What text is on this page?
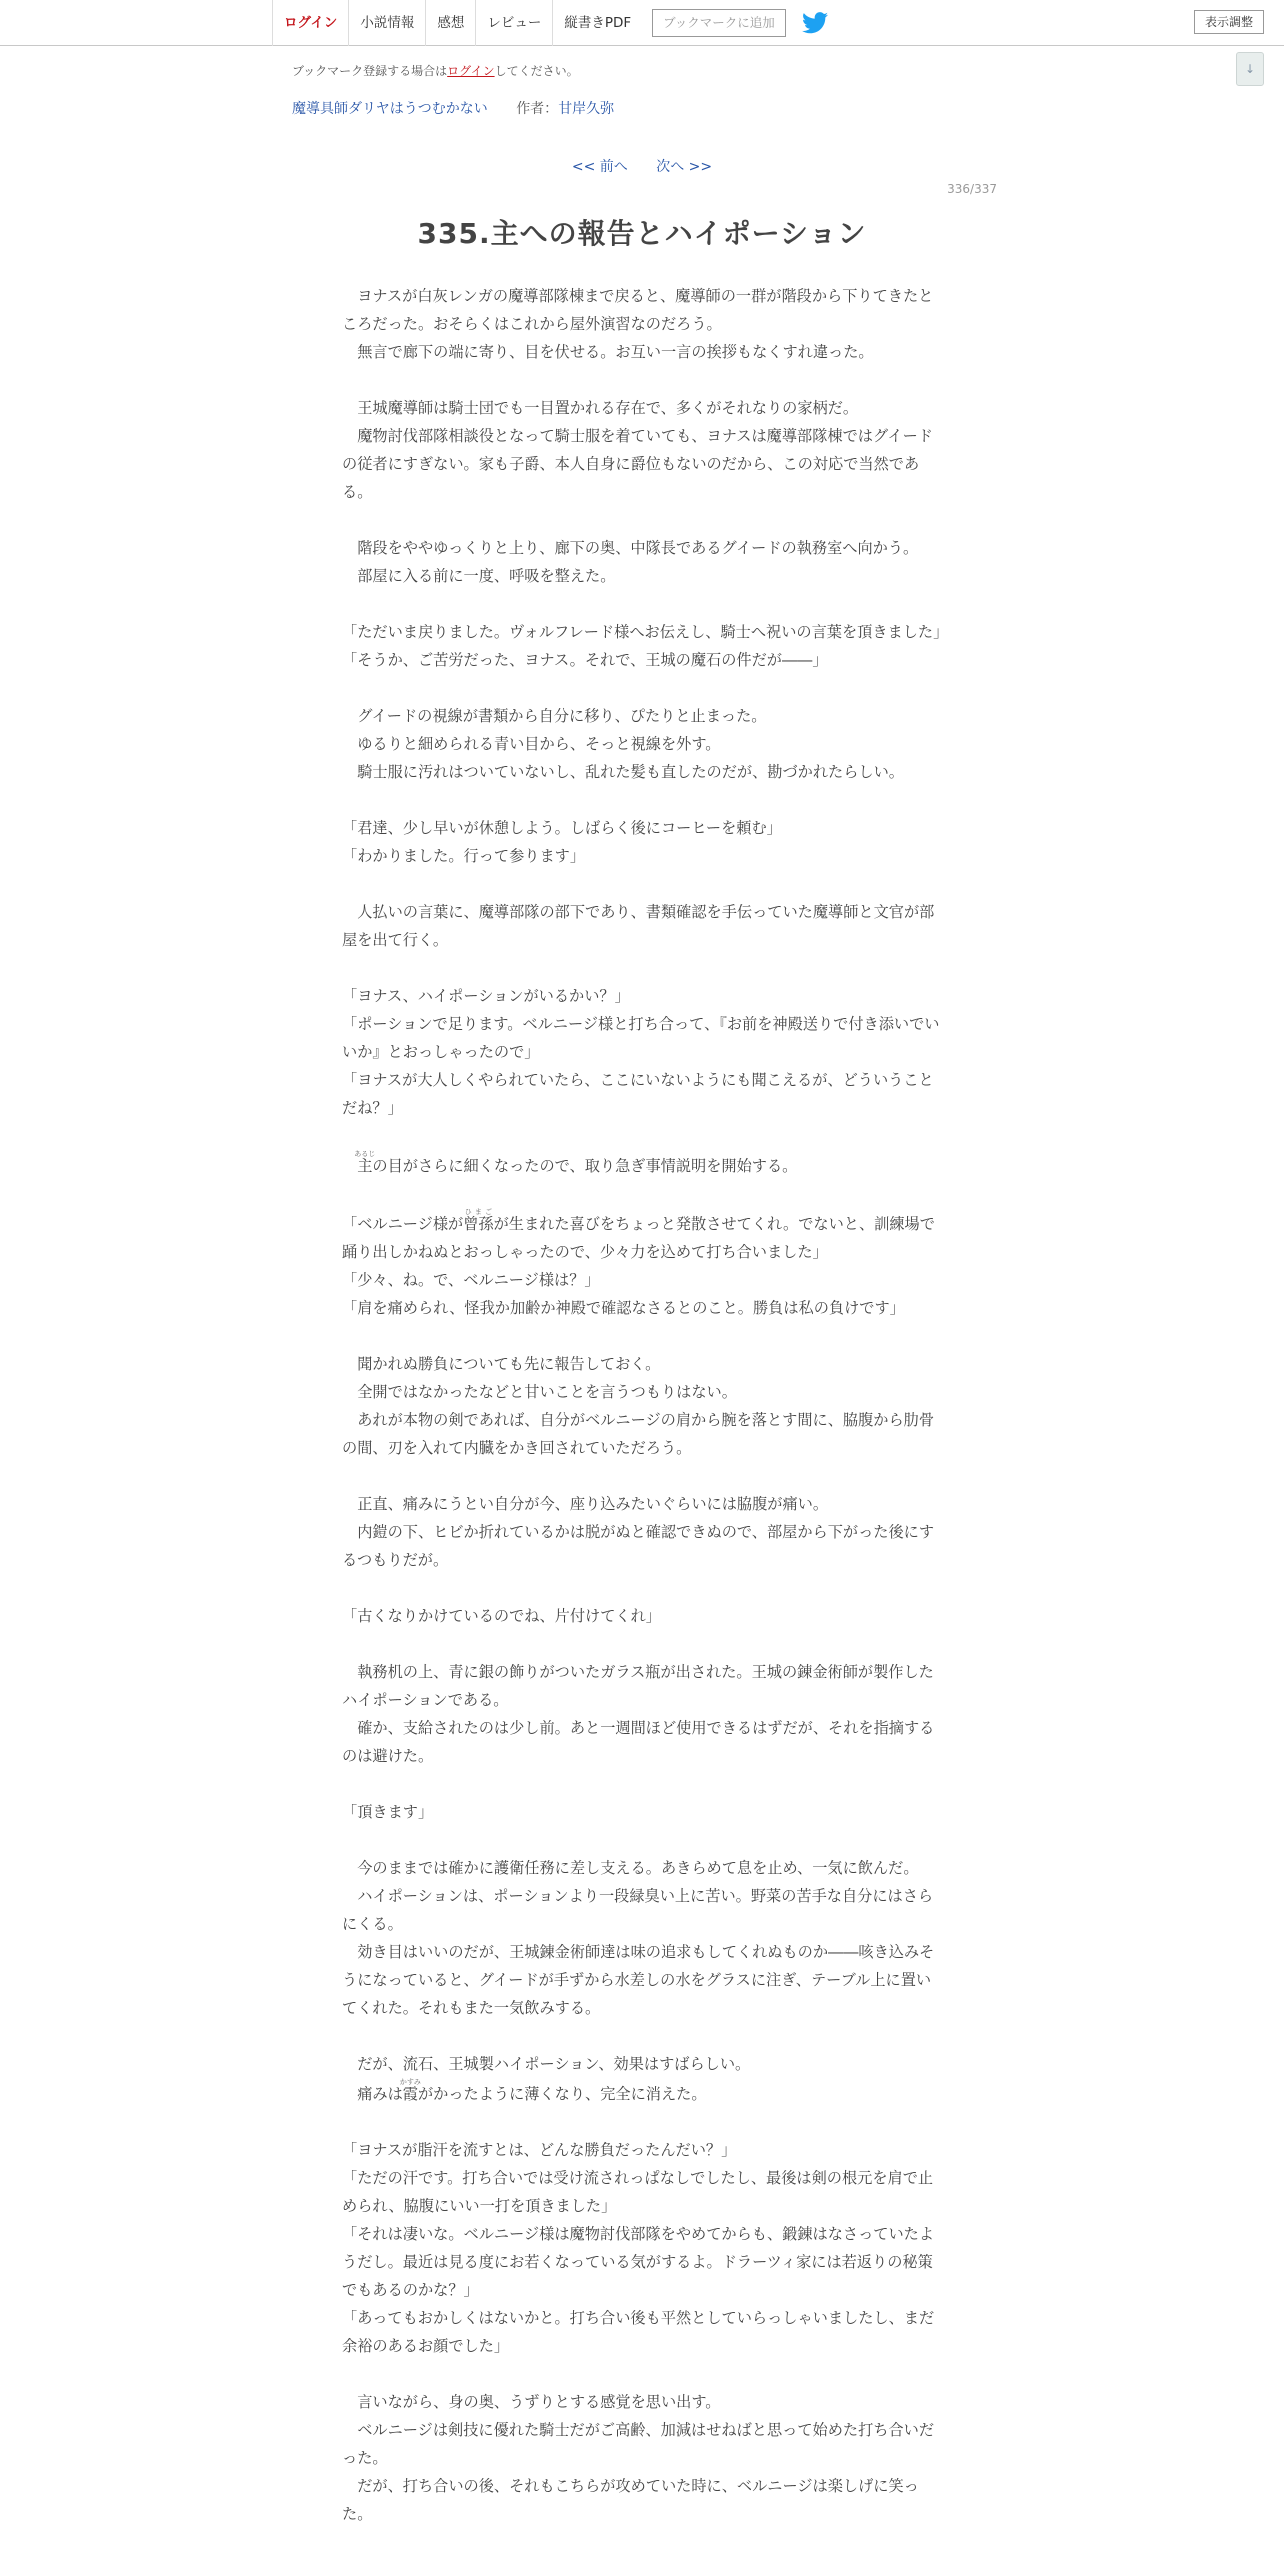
ログイン	小説情報	感想	レビュー	縦書きPDF	ブックマークに追加	表示調整
↓
ブックマーク登録する場合はログインしてください。
魔導具師ダリヤはうつむかない 作者：甘岸久弥
<< 前へ 次へ >>
336/337
335.主への報告とハイポーション

　ヨナスが白灰レンガの魔導部隊棟まで戻ると、魔導師の一群が階段から下りてきたところだった。おそらくはこれから屋外演習なのだろう。

　無言で廊下の端に寄り、目を伏せる。お互い一言の挨拶もなくすれ違った。

　王城魔導師は騎士団でも一目置かれる存在で、多くがそれなりの家柄だ。

　魔物討伐部隊相談役となって騎士服を着ていても、ヨナスは魔導部隊棟ではグイードの従者にすぎない。家も子爵、本人自身に爵位もないのだから、この対応で当然である。

　階段をややゆっくりと上り、廊下の奥、中隊長であるグイードの執務室へ向かう。

　部屋に入る前に一度、呼吸を整えた。

「ただいま戻りました。ヴォルフレード様へお伝えし、騎士へ祝いの言葉を頂きました」

「そうか、ご苦労だった、ヨナス。それで、王城の魔石の件だが――」

　グイードの視線が書類から自分に移り、ぴたりと止まった。

　ゆるりと細められる青い目から、そっと視線を外す。

　騎士服に汚れはついていないし、乱れた髪も直したのだが、勘づかれたらしい。

「君達、少し早いが休憩しよう。しばらく後にコーヒーを頼む」

「わかりました。行って参ります」

　人払いの言葉に、魔導部隊の部下であり、書類確認を手伝っていた魔導師と文官が部屋を出て行く。

「ヨナス、ハイポーションがいるかい？」

「ポーションで足ります。ベルニージ様と打ち合って、『お前を神殿送りで付き添いでいいか』とおっしゃったので」

「ヨナスが大人しくやられていたら、ここにいないようにも聞こえるが、どういうことだね？」

　主あるじの目がさらに細くなったので、取り急ぎ事情説明を開始する。

「ベルニージ様が曾孫ひまごが生まれた喜びをちょっと発散させてくれ。でないと、訓練場で踊り出しかねぬとおっしゃったので、少々力を込めて打ち合いました」

「少々、ね。で、ベルニージ様は？」

「肩を痛められ、怪我か加齢か神殿で確認なさるとのこと。勝負は私の負けです」

　聞かれぬ勝負についても先に報告しておく。

　全開ではなかったなどと甘いことを言うつもりはない。

　あれが本物の剣であれば、自分がベルニージの肩から腕を落とす間に、脇腹から肋骨の間、刃を入れて内臓をかき回されていただろう。

　正直、痛みにうとい自分が今、座り込みたいぐらいには脇腹が痛い。

　内鎧の下、ヒビか折れているかは脱がぬと確認できぬので、部屋から下がった後にするつもりだが。

「古くなりかけているのでね、片付けてくれ」

　執務机の上、青に銀の飾りがついたガラス瓶が出された。王城の錬金術師が製作したハイポーションである。

　確か、支給されたのは少し前。あと一週間ほど使用できるはずだが、それを指摘するのは避けた。

「頂きます」

　今のままでは確かに護衛任務に差し支える。あきらめて息を止め、一気に飲んだ。

　ハイポーションは、ポーションより一段緑臭い上に苦い。野菜の苦手な自分にはさらにくる。

　効き目はいいのだが、王城錬金術師達は味の追求もしてくれぬものか――咳き込みそうになっていると、グイードが手ずから水差しの水をグラスに注ぎ、テーブル上に置いてくれた。それもまた一気飲みする。

　だが、流石、王城製ハイポーション、効果はすばらしい。

　痛みは霞かすみがかったように薄くなり、完全に消えた。

「ヨナスが脂汗を流すとは、どんな勝負だったんだい？」

「ただの汗です。打ち合いでは受け流されっぱなしでしたし、最後は剣の根元を肩で止められ、脇腹にいい一打を頂きました」

「それは凄いな。ベルニージ様は魔物討伐部隊をやめてからも、鍛錬はなさっていたようだし。最近は見る度にお若くなっている気がするよ。ドラーツィ家には若返りの秘策でもあるのかな？」

「あってもおかしくはないかと。打ち合い後も平然としていらっしゃいましたし、まだ余裕のあるお顔でした」

　言いながら、身の奥、うずりとする感覚を思い出す。

　ベルニージは剣技に優れた騎士だがご高齢、加減はせねばと思って始めた打ち合いだった。

　だが、打ち合いの後、それもこちらが攻めていた時に、ベルニージは楽しげに笑った。
